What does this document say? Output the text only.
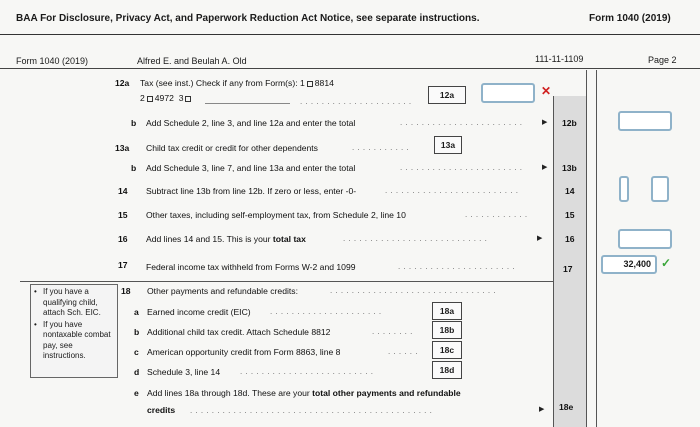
BAA For Disclosure, Privacy Act, and Paperwork Reduction Act Notice, see separate instructions.	Form 1040 (2019)
Form 1040 (2019)	Alfred E. and Beulah A. Old	111-11-1109	Page 2
12a Tax (see inst.) Check if any from Form(s): 1 8814
2 4972 3	. . . . . . . . . . . . . . . . . . . . .
12a	✕
b Add Schedule 2, line 3, and line 12a and enter the total	. . . . . . . . . . . . . . . . . . . . . . .	▶ 12b
13a Child tax credit or credit for other dependents	. . . . . . . . . . .	13a
b Add Schedule 3, line 7, and line 13a and enter the total	. . . . . . . . . . . . . . . . . . . . . . .	▶ 13b
14 Subtract line 13b from line 12b. If zero or less, enter -0-	. . . . . . . . . . . . . . . . . . . . . . . . .	14
15 Other taxes, including self-employment tax, from Schedule 2, line 10	. . . . . . . . . . . .	15
16 Add lines 14 and 15. This is your total tax	. . . . . . . . . . . . . . . . . . . . . . . . . . .	▶	16
17 Federal income tax withheld from Forms W-2 and 1099	. . . . . . . . . . . . . . . . . . . . . .	17	32,400 ✓
• If you have a qualifying child, attach Sch. EIC.
• If you have nontaxable combat pay, see instructions.
18 Other payments and refundable credits:	. . . . . . . . . . . . . . . . . . . . . . . . . . . . . . .
a Earned income credit (EIC) . . . . . . . . . . . . . . . . . . . . .	18a
b Additional child tax credit. Attach Schedule 8812	. . . . . . . .	18b
c American opportunity credit from Form 8863, line 8	. . . . . .	18c
d Schedule 3, line 14 . . . . . . . . . . . . . . . . . . . . . . . . .	18d
e Add lines 18a through 18d. These are your total other payments and refundable
credits . . . . . . . . . . . . . . . . . . . . . . . . . . . . . . . . . . . . . . . . . . . . .	▶ 18e
